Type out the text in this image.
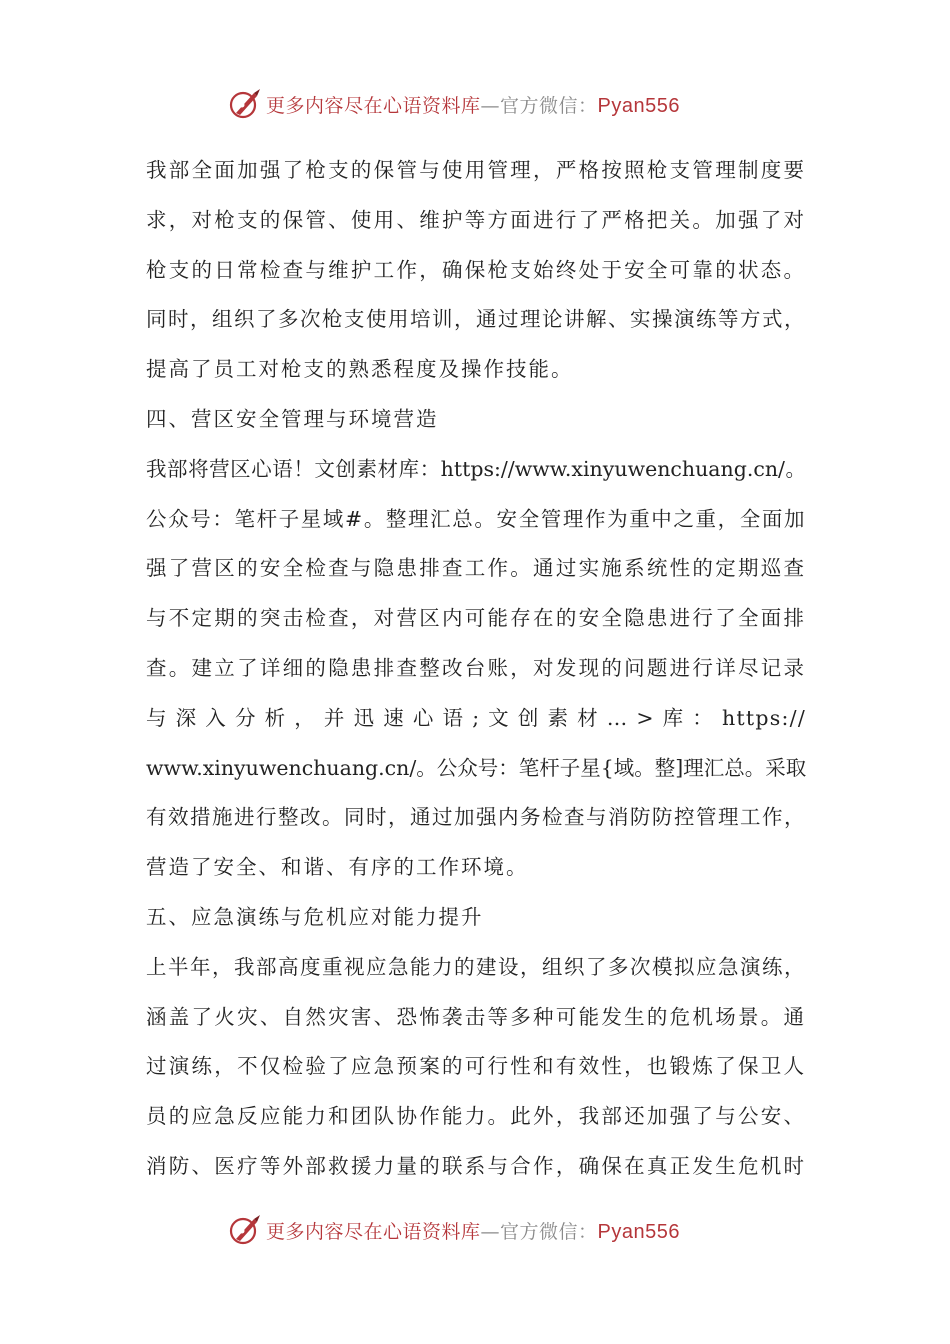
更多内容尽在心语资料库—官方微信：Pyan556
我部全面加强了枪支的保管与使用管理，严格按照枪支管理制度要
求，对枪支的保管、使用、维护等方面进行了严格把关。加强了对
枪支的日常检查与维护工作，确保枪支始终处于安全可靠的状态。
同时，组织了多次枪支使用培训，通过理论讲解、实操演练等方式，
提高了员工对枪支的熟悉程度及操作技能。
四、营区安全管理与环境营造
我部将营区心语！文创素材库：https://www.xinyuwenchuang.cn/。
公众号：笔杆子星域#。整理汇总。安全管理作为重中之重，全面加
强了营区的安全检查与隐患排查工作。通过实施系统性的定期巡查
与不定期的突击检查，对营区内可能存在的安全隐患进行了全面排
查。建立了详细的隐患排查整改台账，对发现的问题进行详尽记录
与 深 入 分 析 ， 并 迅 速 心 语 ; 文 创 素 材 … > 库 ： https://
www.xinyuwenchuang.cn/。公众号：笔杆子星{域。整]理汇总。采取
有效措施进行整改。同时，通过加强内务检查与消防防控管理工作，
营造了安全、和谐、有序的工作环境。
五、应急演练与危机应对能力提升
上半年，我部高度重视应急能力的建设，组织了多次模拟应急演练，
涵盖了火灾、自然灾害、恐怖袭击等多种可能发生的危机场景。通
过演练，不仅检验了应急预案的可行性和有效性，也锻炼了保卫人
员的应急反应能力和团队协作能力。此外，我部还加强了与公安、
消防、医疗等外部救援力量的联系与合作，确保在真正发生危机时
更多内容尽在心语资料库—官方微信：Pyan556
